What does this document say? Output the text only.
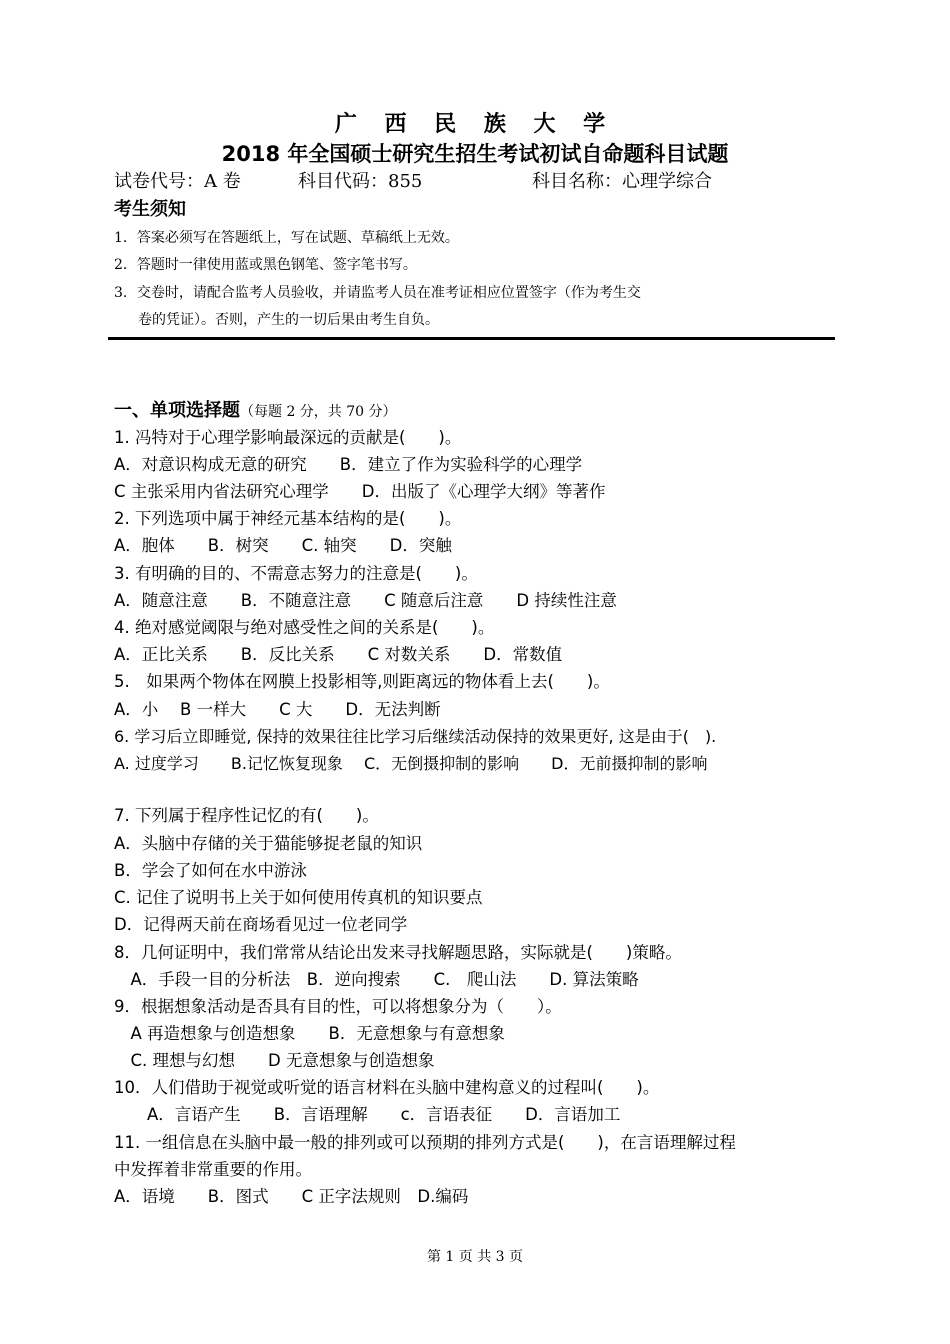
广 西 民 族 大 学
2018 年全国硕士研究生招生考试初试自命题科目试题
试卷代号：A 卷	科目代码：855	科目名称：心理学综合
考生须知
1．答案必须写在答题纸上，写在试题、草稿纸上无效。
2．答题时一律使用蓝或黑色钢笔、签字笔书写。
3．交卷时，请配合监考人员验收，并请监考人员在准考证相应位置签字（作为考生交
卷的凭证）。否则，产生的一切后果由考生自负。
一、单项选择题（每题 2 分，共 70 分）
1. 冯特对于心理学影响最深远的贡献是(　　)。
A．对意识构成无意的研究　　B．建立了作为实验科学的心理学
C 主张采用内省法研究心理学　　D．出版了《心理学大纲》等著作
2. 下列选项中属于神经元基本结构的是(　　)。
A．胞体　　B．树突　　C. 轴突　　D．突触
3. 有明确的目的、不需意志努力的注意是(　　)。
A．随意注意　　B．不随意注意　　C 随意后注意　　D 持续性注意
4. 绝对感觉阈限与绝对感受性之间的关系是(　　)。
A．正比关系　　B．反比关系　　C 对数关系　　D．常数值
5.　如果两个物体在网膜上投影相等,则距离远的物体看上去(　　)。
A．小　 B 一样大　　C 大　　D．无法判断
6. 学习后立即睡觉, 保持的效果往往比学习后继续活动保持的效果更好, 这是由于(　).
A. 过度学习　　B.记忆恢复现象　 C．无倒摄抑制的影响　　D．无前摄抑制的影响
7. 下列属于程序性记忆的有(　　)。
A．头脑中存储的关于猫能够捉老鼠的知识
B．学会了如何在水中游泳
C. 记住了说明书上关于如何使用传真机的知识要点
D．记得两天前在商场看见过一位老同学
8．几何证明中，我们常常从结论出发来寻找解题思路，实际就是(　　)策略。
　A．手段一目的分析法　B．逆向搜索　　C.　爬山法　　D. 算法策略
9．根据想象活动是否具有目的性，可以将想象分为（　　）。
　A 再造想象与创造想象　　B．无意想象与有意想象
　C. 理想与幻想　　D 无意想象与创造想象
10．人们借助于视觉或听觉的语言材料在头脑中建构意义的过程叫(　　)。
　　A．言语产生　　B．言语理解　　c．言语表征　　D．言语加工
11. 一组信息在头脑中最一般的排列或可以预期的排列方式是(　　)，在言语理解过程
中发挥着非常重要的作用。
A．语境　　B．图式　　C 正字法规则　D.编码
第 1 页 共 3 页
